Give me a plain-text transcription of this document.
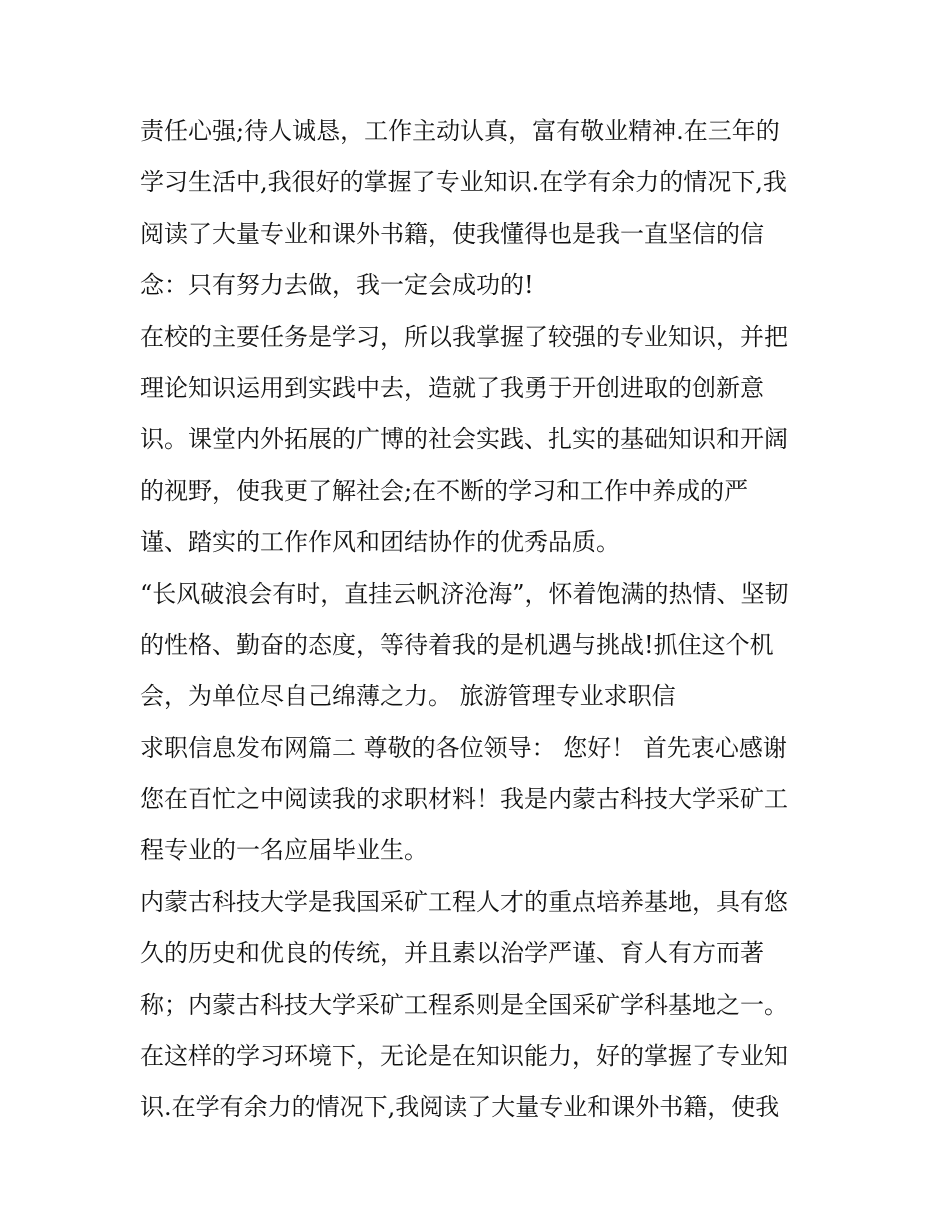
责任心强;待人诚恳，工作主动认真，富有敬业精神.在三年的
学习生活中,我很好的掌握了专业知识.在学有余力的情况下,我
阅读了大量专业和课外书籍，使我懂得也是我一直坚信的信
念：只有努力去做，我一定会成功的!
在校的主要任务是学习，所以我掌握了较强的专业知识，并把
理论知识运用到实践中去，造就了我勇于开创进取的创新意
识。课堂内外拓展的广博的社会实践、扎实的基础知识和开阔
的视野，使我更了解社会;在不断的学习和工作中养成的严
谨、踏实的工作作风和团结协作的优秀品质。
“长风破浪会有时，直挂云帆济沧海”，怀着饱满的热情、坚韧
的性格、勤奋的态度，等待着我的是机遇与挑战!抓住这个机
会，为单位尽自己绵薄之力。 旅游管理专业求职信
求职信息发布网篇二 尊敬的各位领导： 您好！ 首先衷心感谢
您在百忙之中阅读我的求职材料！我是内蒙古科技大学采矿工
程专业的一名应届毕业生。
内蒙古科技大学是我国采矿工程人才的重点培养基地，具有悠
久的历史和优良的传统，并且素以治学严谨、育人有方而著
称；内蒙古科技大学采矿工程系则是全国采矿学科基地之一。
在这样的学习环境下，无论是在知识能力，好的掌握了专业知
识.在学有余力的情况下,我阅读了大量专业和课外书籍，使我
